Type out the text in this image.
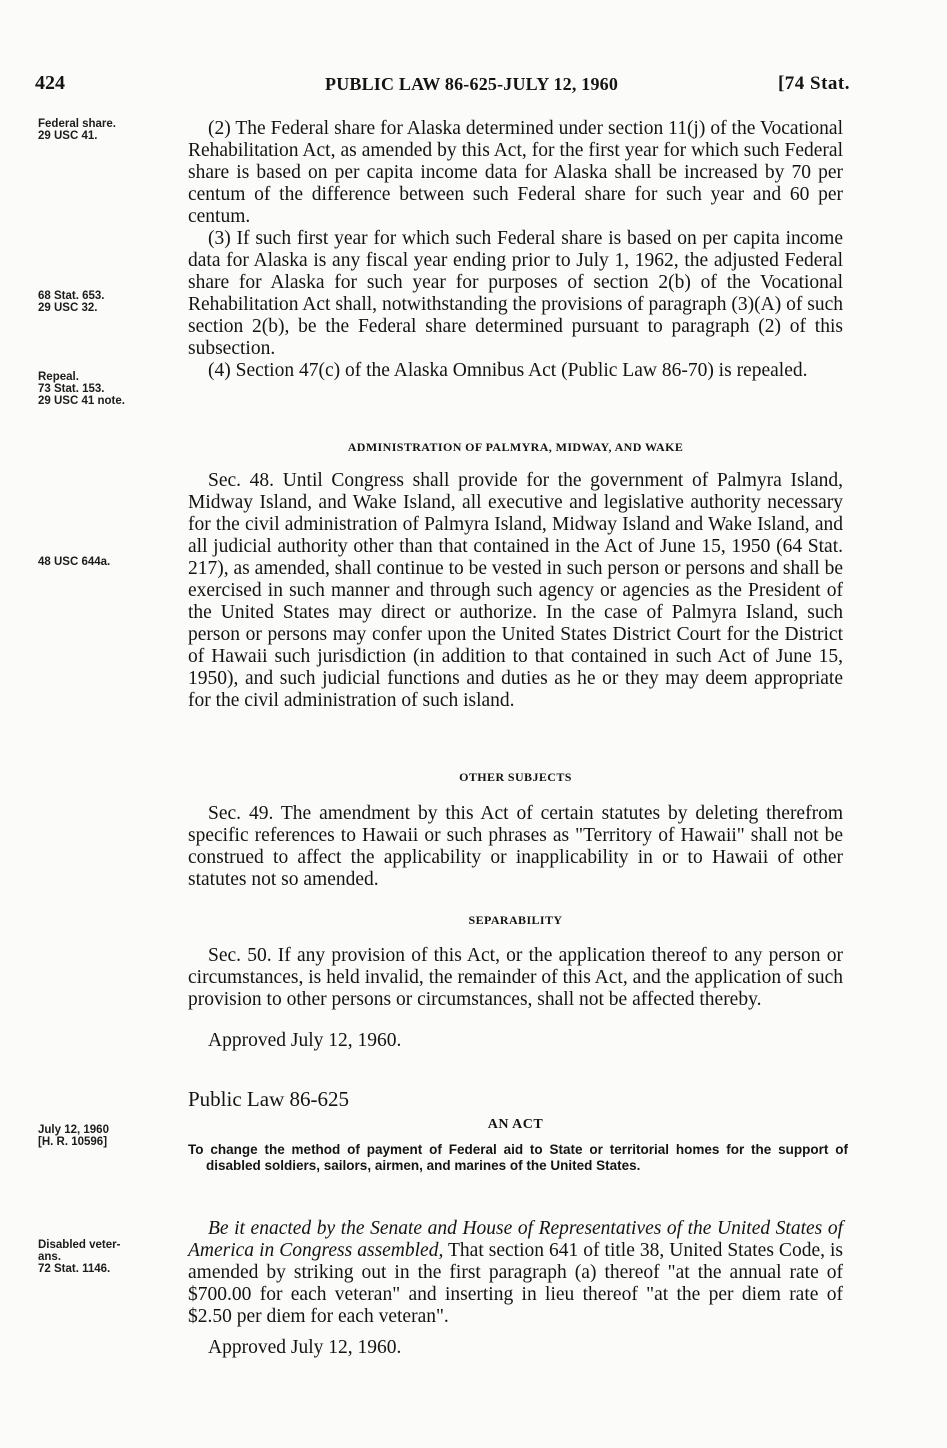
424	PUBLIC LAW 86-625-JULY 12, 1960	[74 Stat.
Federal share.
29 USC 41.
68 Stat. 653.
29 USC 32.
Repeal.
73 Stat. 153.
29 USC 41 note.
48 USC 644a.
July 12, 1960
[H. R. 10596]
Disabled veter-
ans.
72 Stat. 1146.

(2) The Federal share for Alaska determined under section 11(j) of the Vocational Rehabilitation Act, as amended by this Act, for the first year for which such Federal share is based on per capita income data for Alaska shall be increased by 70 per centum of the difference between such Federal share for such year and 60 per centum.

(3) If such first year for which such Federal share is based on per capita income data for Alaska is any fiscal year ending prior to July 1, 1962, the adjusted Federal share for Alaska for such year for purposes of section 2(b) of the Vocational Rehabilitation Act shall, notwithstanding the provisions of paragraph (3)(A) of such section 2(b), be the Federal share determined pursuant to paragraph (2) of this subsection.

(4) Section 47(c) of the Alaska Omnibus Act (Public Law 86-70) is repealed.

ADMINISTRATION OF PALMYRA, MIDWAY, AND WAKE

Sec. 48. Until Congress shall provide for the government of Palmyra Island, Midway Island, and Wake Island, all executive and legislative authority necessary for the civil administration of Palmyra Island, Midway Island and Wake Island, and all judicial authority other than that contained in the Act of June 15, 1950 (64 Stat. 217), as amended, shall continue to be vested in such person or persons and shall be exercised in such manner and through such agency or agencies as the President of the United States may direct or authorize. In the case of Palmyra Island, such person or persons may confer upon the United States District Court for the District of Hawaii such jurisdiction (in addition to that contained in such Act of June 15, 1950), and such judicial functions and duties as he or they may deem appropriate for the civil administration of such island.

OTHER SUBJECTS

Sec. 49. The amendment by this Act of certain statutes by deleting therefrom specific references to Hawaii or such phrases as "Territory of Hawaii" shall not be construed to affect the applicability or inapplicability in or to Hawaii of other statutes not so amended.

SEPARABILITY

Sec. 50. If any provision of this Act, or the application thereof to any person or circumstances, is held invalid, the remainder of this Act, and the application of such provision to other persons or circumstances, shall not be affected thereby.

Approved July 12, 1960.
Public Law 86-625
AN ACT
To change the method of payment of Federal aid to State or territorial homes for the support of disabled soldiers, sailors, airmen, and marines of the United States.

Be it enacted by the Senate and House of Representatives of the United States of America in Congress assembled, That section 641 of title 38, United States Code, is amended by striking out in the first paragraph (a) thereof "at the annual rate of $700.00 for each veteran" and inserting in lieu thereof "at the per diem rate of $2.50 per diem for each veteran".

Approved July 12, 1960.
